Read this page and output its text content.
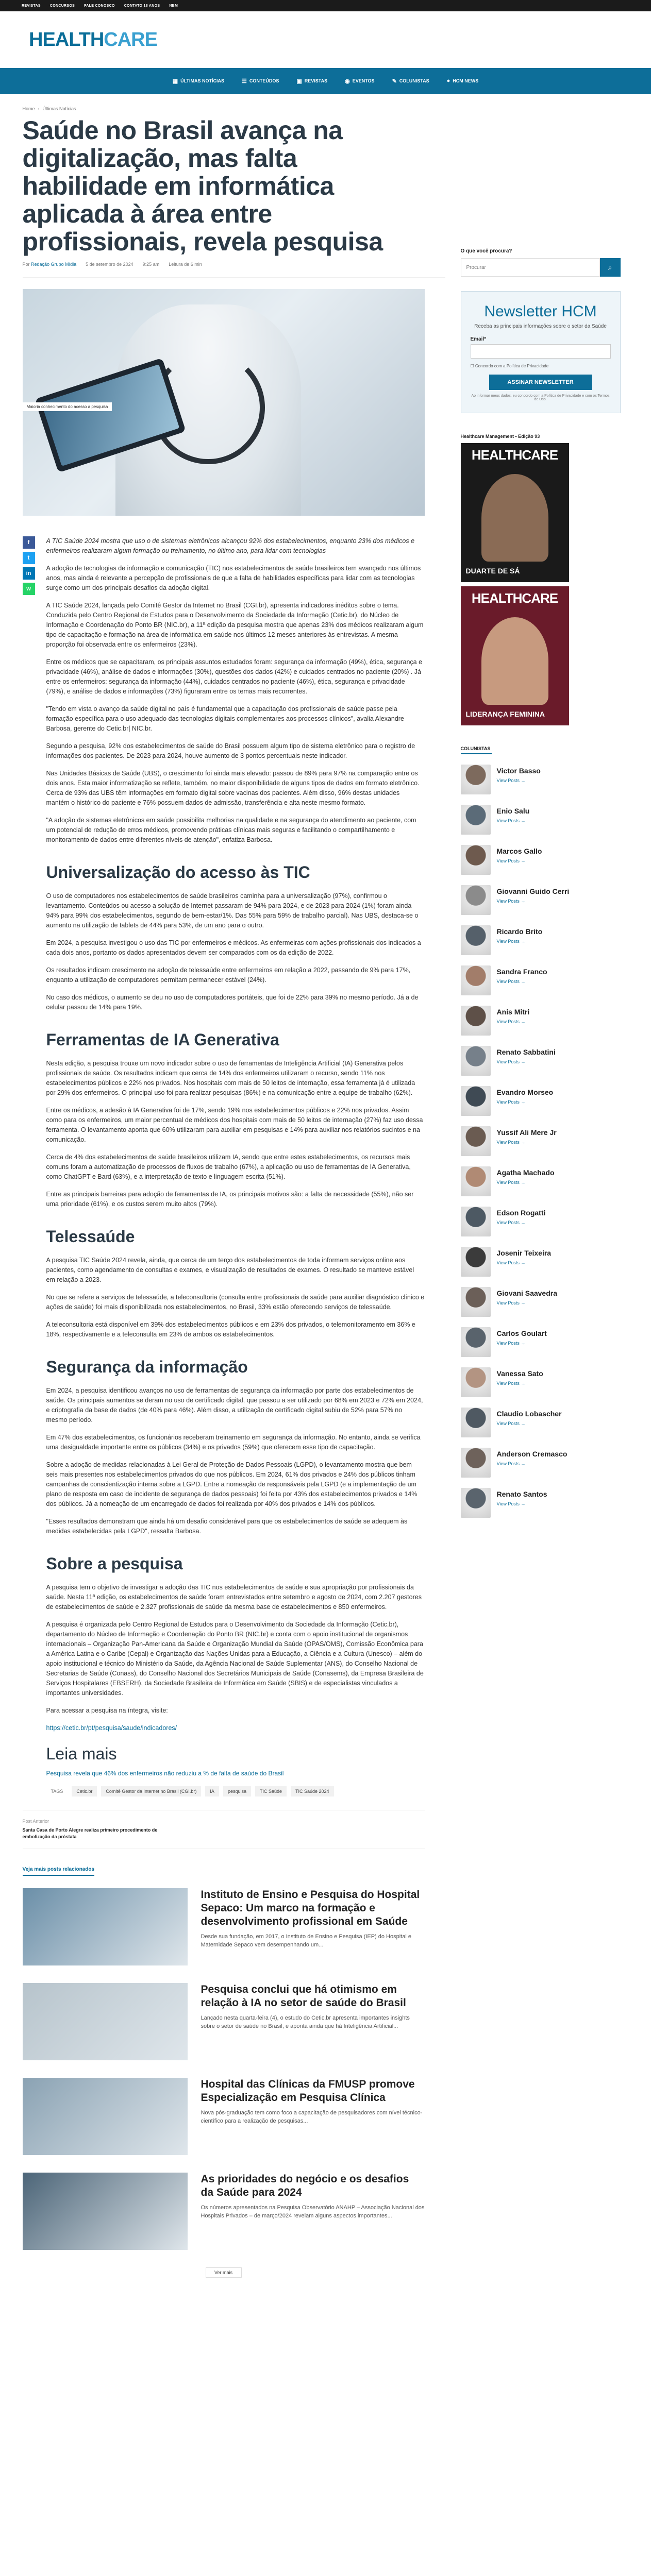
REVISTAS	CONCURSOS	FALE CONOSCO	CONTATO 18 ANOS	NBM
HEALTHCARE
▦ ÚLTIMAS NOTÍCIAS	☰ CONTEÚDOS	▣ REVISTAS	◉ EVENTOS	✎ COLUNISTAS	● HCM NEWS
Home › Últimas Notícias
Saúde no Brasil avança na digitalização, mas falta habilidade em informática aplicada à área entre profissionais, revela pesquisa
Por Redação Grupo Mídia 5 de setembro de 2024 9:25 am Leitura de 6 min
Maioria conhecimento do acesso a pesquisa
f
t
in
w

A TIC Saúde 2024 mostra que uso o de sistemas eletrônicos alcançou 92% dos estabelecimentos, enquanto 23% dos médicos e enfermeiros realizaram algum formação ou treinamento, no último ano, para lidar com tecnologias

A adoção de tecnologias de informação e comunicação (TIC) nos estabelecimentos de saúde brasileiros tem avançado nos últimos anos, mas ainda é relevante a percepção de profissionais de que a falta de habilidades específicas para lidar com as tecnologias surge como um dos principais desafios da adoção digital.

A TIC Saúde 2024, lançada pelo Comitê Gestor da Internet no Brasil (CGI.br), apresenta indicadores inéditos sobre o tema. Conduzida pelo Centro Regional de Estudos para o Desenvolvimento da Sociedade da Informação (Cetic.br), do Núcleo de Informação e Coordenação do Ponto BR (NIC.br), a 11ª edição da pesquisa mostra que apenas 23% dos médicos realizaram algum tipo de capacitação e formação na área de informática em saúde nos últimos 12 meses anteriores às entrevistas. A mesma proporção foi observada entre os enfermeiros (23%).

Entre os médicos que se capacitaram, os principais assuntos estudados foram: segurança da informação (49%), ética, segurança e privacidade (46%), análise de dados e informações (30%), questões dos dados (42%) e cuidados centrados no paciente (20%) . Já entre os enfermeiros: segurança da informação (44%), cuidados centrados no paciente (46%), ética, segurança e privacidade (79%), e análise de dados e informações (73%) figuraram entre os temas mais recorrentes.

"Tendo em vista o avanço da saúde digital no país é fundamental que a capacitação dos profissionais de saúde passe pela formação específica para o uso adequado das tecnologias digitais complementares aos processos clínicos", avalia Alexandre Barbosa, gerente do Cetic.br| NIC.br.

Segundo a pesquisa, 92% dos estabelecimentos de saúde do Brasil possuem algum tipo de sistema eletrônico para o registro de informações dos pacientes. De 2023 para 2024, houve aumento de 3 pontos percentuais neste indicador.

Nas Unidades Básicas de Saúde (UBS), o crescimento foi ainda mais elevado: passou de 89% para 97% na comparação entre os dois anos. Esta maior informatização se reflete, também, no maior disponibilidade de alguns tipos de dados em formato eletrônico. Cerca de 93% das UBS têm informações em formato digital sobre vacinas dos pacientes. Além disso, 96% destas unidades mantém o histórico do paciente e 76% possuem dados de admissão, transferência e alta neste mesmo formato.

"A adoção de sistemas eletrônicos em saúde possibilita melhorias na qualidade e na segurança do atendimento ao paciente, com um potencial de redução de erros médicos, promovendo práticas clínicas mais seguras e facilitando o compartilhamento e monitoramento de dados entre diferentes níveis de atenção", enfatiza Barbosa.

Universalização do acesso às TIC

O uso de computadores nos estabelecimentos de saúde brasileiros caminha para a universalização (97%), confirmou o levantamento. Conteúdos ou acesso a solução de Internet passaram de 94% para 2024, e de 2023 para 2024 (1%) foram ainda 94% para 99% dos estabelecimentos, segundo de bem-estar/1%. Das 55% para 59% de trabalho parcial). Nas UBS, destaca-se o aumento na utilização de tablets de 44% para 53%, de um ano para o outro.

Em 2024, a pesquisa investigou o uso das TIC por enfermeiros e médicos. As enfermeiras com ações profissionais dos indicados a cada dois anos, portanto os dados apresentados devem ser comparados com os da edição de 2022.

Os resultados indicam crescimento na adoção de telessaúde entre enfermeiros em relação a 2022, passando de 9% para 17%, enquanto a utilização de computadores permitam permanecer estável (24%).

No caso dos médicos, o aumento se deu no uso de computadores portáteis, que foi de 22% para 39% no mesmo período. Já a de celular passou de 14% para 19%.

Ferramentas de IA Generativa

Nesta edição, a pesquisa trouxe um novo indicador sobre o uso de ferramentas de Inteligência Artificial (IA) Generativa pelos profissionais de saúde. Os resultados indicam que cerca de 14% dos enfermeiros utilizaram o recurso, sendo 11% nos estabelecimentos públicos e 22% nos privados. Nos hospitais com mais de 50 leitos de internação, essa ferramenta já é utilizada por 29% dos enfermeiros. O principal uso foi para realizar pesquisas (86%) e na comunicação entre a equipe de trabalho (62%).

Entre os médicos, a adesão à IA Generativa foi de 17%, sendo 19% nos estabelecimentos públicos e 22% nos privados. Assim como para os enfermeiros, um maior percentual de médicos dos hospitais com mais de 50 leitos de internação (27%) faz uso dessa ferramenta. O levantamento aponta que 60% utilizaram para auxiliar em pesquisas e 14% para auxiliar nos relatórios sucintos e na comunicação.

Cerca de 4% dos estabelecimentos de saúde brasileiros utilizam IA, sendo que entre estes estabelecimentos, os recursos mais comuns foram a automatização de processos de fluxos de trabalho (67%), a aplicação ou uso de ferramentas de IA Generativa, como ChatGPT e Bard (63%), e a interpretação de texto e linguagem escrita (51%).

Entre as principais barreiras para adoção de ferramentas de IA, os principais motivos são: a falta de necessidade (55%), não ser uma prioridade (61%), e os custos serem muito altos (79%).

Telessaúde

A pesquisa TIC Saúde 2024 revela, ainda, que cerca de um terço dos estabelecimentos de toda informam serviços online aos pacientes, como agendamento de consultas e exames, e visualização de resultados de exames. O resultado se manteve estável em relação a 2023.

No que se refere a serviços de telessaúde, a teleconsultoria (consulta entre profissionais de saúde para auxiliar diagnóstico clínico e ações de saúde) foi mais disponibilizada nos estabelecimentos, no Brasil, 33% estão oferecendo serviços de telessaúde.

A teleconsultoria está disponível em 39% dos estabelecimentos públicos e em 23% dos privados, o telemonitoramento em 36% e 18%, respectivamente e a teleconsulta em 23% de ambos os estabelecimentos.

Segurança da informação

Em 2024, a pesquisa identificou avanços no uso de ferramentas de segurança da informação por parte dos estabelecimentos de saúde. Os principais aumentos se deram no uso de certificado digital, que passou a ser utilizado por 68% em 2023 e 72% em 2024, e criptografia da base de dados (de 40% para 46%). Além disso, a utilização de certificado digital subiu de 52% para 57% no mesmo período.

Em 47% dos estabelecimentos, os funcionários receberam treinamento em segurança da informação. No entanto, ainda se verifica uma desigualdade importante entre os públicos (34%) e os privados (59%) que oferecem esse tipo de capacitação.

Sobre a adoção de medidas relacionadas à Lei Geral de Proteção de Dados Pessoais (LGPD), o levantamento mostra que bem seis mais presentes nos estabelecimentos privados do que nos públicos. Em 2024, 61% dos privados e 24% dos públicos tinham campanhas de conscientização interna sobre a LGPD. Entre a nomeação de responsáveis pela LGPD (e a implementação de um plano de resposta em caso de incidente de segurança de dados pessoais) foi feita por 43% dos estabelecimentos privados e 14% dos públicos. Já a nomeação de um encarregado de dados foi realizada por 40% dos privados e 14% dos públicos.

"Esses resultados demonstram que ainda há um desafio considerável para que os estabelecimentos de saúde se adequem às medidas estabelecidas pela LGPD", ressalta Barbosa.

Sobre a pesquisa

A pesquisa tem o objetivo de investigar a adoção das TIC nos estabelecimentos de saúde e sua apropriação por profissionais da saúde. Nesta 11ª edição, os estabelecimentos de saúde foram entrevistados entre setembro e agosto de 2024, com 2.207 gestores de estabelecimentos de saúde e 2.327 profissionais de saúde da mesma base de estabelecimentos e 850 enfermeiros.

A pesquisa é organizada pelo Centro Regional de Estudos para o Desenvolvimento da Sociedade da Informação (Cetic.br), departamento do Núcleo de Informação e Coordenação do Ponto BR (NIC.br) e conta com o apoio institucional de organismos internacionais – Organização Pan-Americana da Saúde e Organização Mundial da Saúde (OPAS/OMS), Comissão Econômica para a América Latina e o Caribe (Cepal) e Organização das Nações Unidas para a Educação, a Ciência e a Cultura (Unesco) – além do apoio institucional e técnico do Ministério da Saúde, da Agência Nacional de Saúde Suplementar (ANS), do Conselho Nacional de Secretarias de Saúde (Conass), do Conselho Nacional dos Secretários Municipais de Saúde (Conasems), da Empresa Brasileira de Serviços Hospitalares (EBSERH), da Sociedade Brasileira de Informática em Saúde (SBIS) e de especialistas vinculados a importantes universidades.

Para acessar a pesquisa na íntegra, visite:

https://cetic.br/pt/pesquisa/saude/indicadores/

Leia mais
Pesquisa revela que 46% dos enfermeiros não reduziu a % de falta de saúde do Brasil
TAGS	Cetic.br	Comitê Gestor da Internet no Brasil (CGI.br)	IA	pesquisa	TIC Saúde	TIC Saúde 2024
Post Anterior
Santa Casa de Porto Alegre realiza primeiro procedimento de embolização da próstata
Veja mais posts relacionados
Instituto de Ensino e Pesquisa do Hospital Sepaco: Um marco na formação e desenvolvimento profissional em Saúde

Desde sua fundação, em 2017, o Instituto de Ensino e Pesquisa (IEP) do Hospital e Maternidade Sepaco vem desempenhando um...

Pesquisa conclui que há otimismo em relação à IA no setor de saúde do Brasil

Lançado nesta quarta-feira (4), o estudo do Cetic.br apresenta importantes insights sobre o setor de saúde no Brasil, e aponta ainda que há Inteligência Artificial...

Hospital das Clínicas da FMUSP promove Especialização em Pesquisa Clínica

Nova pós-graduação tem como foco a capacitação de pesquisadores com nível técnico-científico para a realização de pesquisas...

As prioridades do negócio e os desafios da Saúde para 2024

Os números apresentados na Pesquisa Observatório ANAHP – Associação Nacional dos Hospitais Privados – de março/2024 revelam alguns aspectos importantes...

Ver mais
O que você procura?
Procurar
⌕
Newsletter HCM
Receba as principais informações sobre o setor da Saúde
Email*
☐ Concordo com a Política de Privacidade
ASSINAR NEWSLETTER
Ao informar meus dados, eu concordo com a Política de Privacidade e com os Termos de Uso.
Healthcare Management • Edição 93
HEALTHCARE
DUARTE DE SÁ
HEALTHCARE
LIDERANÇA FEMININA
COLUNISTAS
Victor Basso
View Posts →
Enio Salu
View Posts →
Marcos Gallo
View Posts →
Giovanni Guido Cerri
View Posts →
Ricardo Brito
View Posts →
Sandra Franco
View Posts →
Anis Mitri
View Posts →
Renato Sabbatini
View Posts →
Evandro Morseo
View Posts →
Yussif Ali Mere Jr
View Posts →
Agatha Machado
View Posts →
Edson Rogatti
View Posts →
Josenir Teixeira
View Posts →
Giovani Saavedra
View Posts →
Carlos Goulart
View Posts →
Vanessa Sato
View Posts →
Claudio Lobascher
View Posts →
Anderson Cremasco
View Posts →
Renato Santos
View Posts →
